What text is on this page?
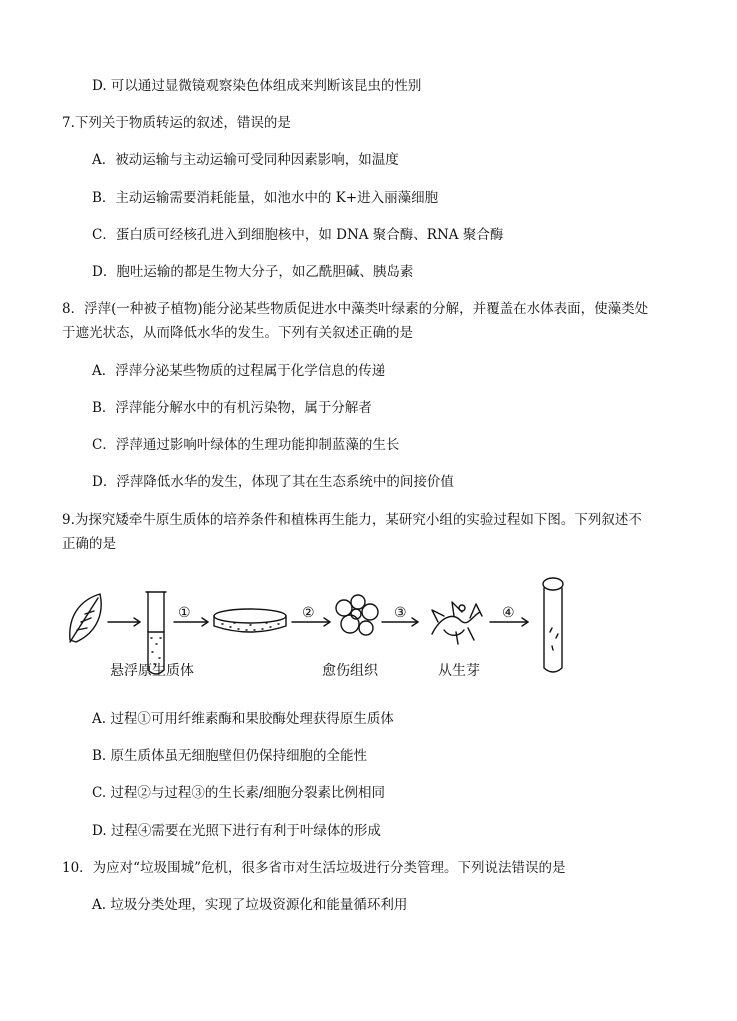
D. 可以通过显微镜观察染色体组成来判断该昆虫的性别
7.下列关于物质转运的叙述，错误的是
A．被动运输与主动运输可受同种因素影响，如温度
B．主动运输需要消耗能量，如池水中的 K+进入丽藻细胞
C．蛋白质可经核孔进入到细胞核中，如 DNA 聚合酶、RNA 聚合酶
D．胞吐运输的都是生物大分子，如乙酰胆碱、胰岛素
8．浮萍(一种被子植物)能分泌某些物质促进水中藻类叶绿素的分解，并覆盖在水体表面，使藻类处
于遮光状态，从而降低水华的发生。下列有关叙述正确的是
A．浮萍分泌某些物质的过程属于化学信息的传递
B．浮萍能分解水中的有机污染物，属于分解者
C．浮萍通过影响叶绿体的生理功能抑制蓝藻的生长
D．浮萍降低水华的发生，体现了其在生态系统中的间接价值
9.为探究矮牵牛原生质体的培养条件和植株再生能力，某研究小组的实验过程如下图。下列叙述不
正确的是
①	②	③	④
悬浮原生质体	愈伤组织	从生芽
A. 过程①可用纤维素酶和果胶酶处理获得原生质体
B. 原生质体虽无细胞壁但仍保持细胞的全能性
C. 过程②与过程③的生长素/细胞分裂素比例相同
D. 过程④需要在光照下进行有利于叶绿体的形成
10．为应对“垃圾围城”危机，很多省市对生活垃圾进行分类管理。下列说法错误的是
A. 垃圾分类处理，实现了垃圾资源化和能量循环利用
